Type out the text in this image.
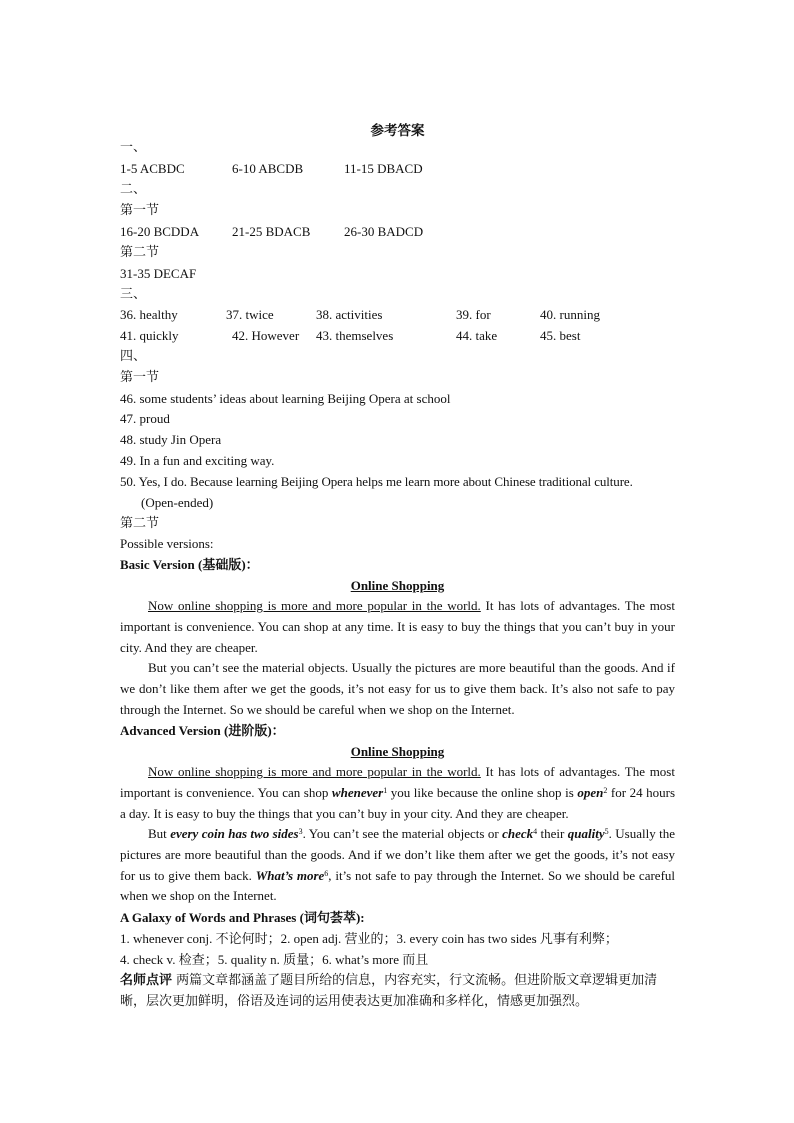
参考答案
一、
1-5 ACBDC	6-10 ABCDB	11-15 DBACD
二、
第一节
16-20 BCDDA	21-25 BDACB	26-30 BADCD
第二节
31-35 DECAF
三、
36. healthy	37. twice	38. activities	39. for	40. running
41. quickly	42. However 43. themselves	44. take	45. best
四、
第一节
46. some students’ ideas about learning Beijing Opera at school
47. proud
48. study Jin Opera
49. In a fun and exciting way.
50. Yes, I do. Because learning Beijing Opera helps me learn more about Chinese traditional culture.
(Open-ended)
第二节
Possible versions:
Basic Version (基础版)：
Online Shopping
Now online shopping is more and more popular in the world. It has lots of advantages. The most important is convenience. You can shop at any time. It is easy to buy the things that you can’t buy in your city. And they are cheaper.
But you can’t see the material objects. Usually the pictures are more beautiful than the goods. And if we don’t like them after we get the goods, it’s not easy for us to give them back. It’s also not safe to pay through the Internet. So we should be careful when we shop on the Internet.
Advanced Version (进阶版)：
Online Shopping
Now online shopping is more and more popular in the world. It has lots of advantages. The most important is convenience. You can shop whenever$^1$ you like because the online shop is open$^2$ for 24 hours a day. It is easy to buy the things that you can’t buy in your city. And they are cheaper.
But every coin has two sides$^3$. You can’t see the material objects or check$^4$ their quality$^5$. Usually the pictures are more beautiful than the goods. And if we don’t like them after we get the goods, it’s not easy for us to give them back. What’s more$^6$, it’s not safe to pay through the Internet. So we should be careful when we shop on the Internet.
A Galaxy of Words and Phrases (词句荟萃):
1. whenever conj. 不论何时；2. open adj. 营业的；3. every coin has two sides 凡事有利弊；
4. check v. 检查；5. quality n. 质量；6. what’s more 而且
名师点评 两篇文章都涵盖了题目所给的信息，内容充实，行文流畅。但进阶版文章逻辑更加清晰，层次更加鲜明，俗语及连词的运用使表达更加准确和多样化，情感更加强烈。
